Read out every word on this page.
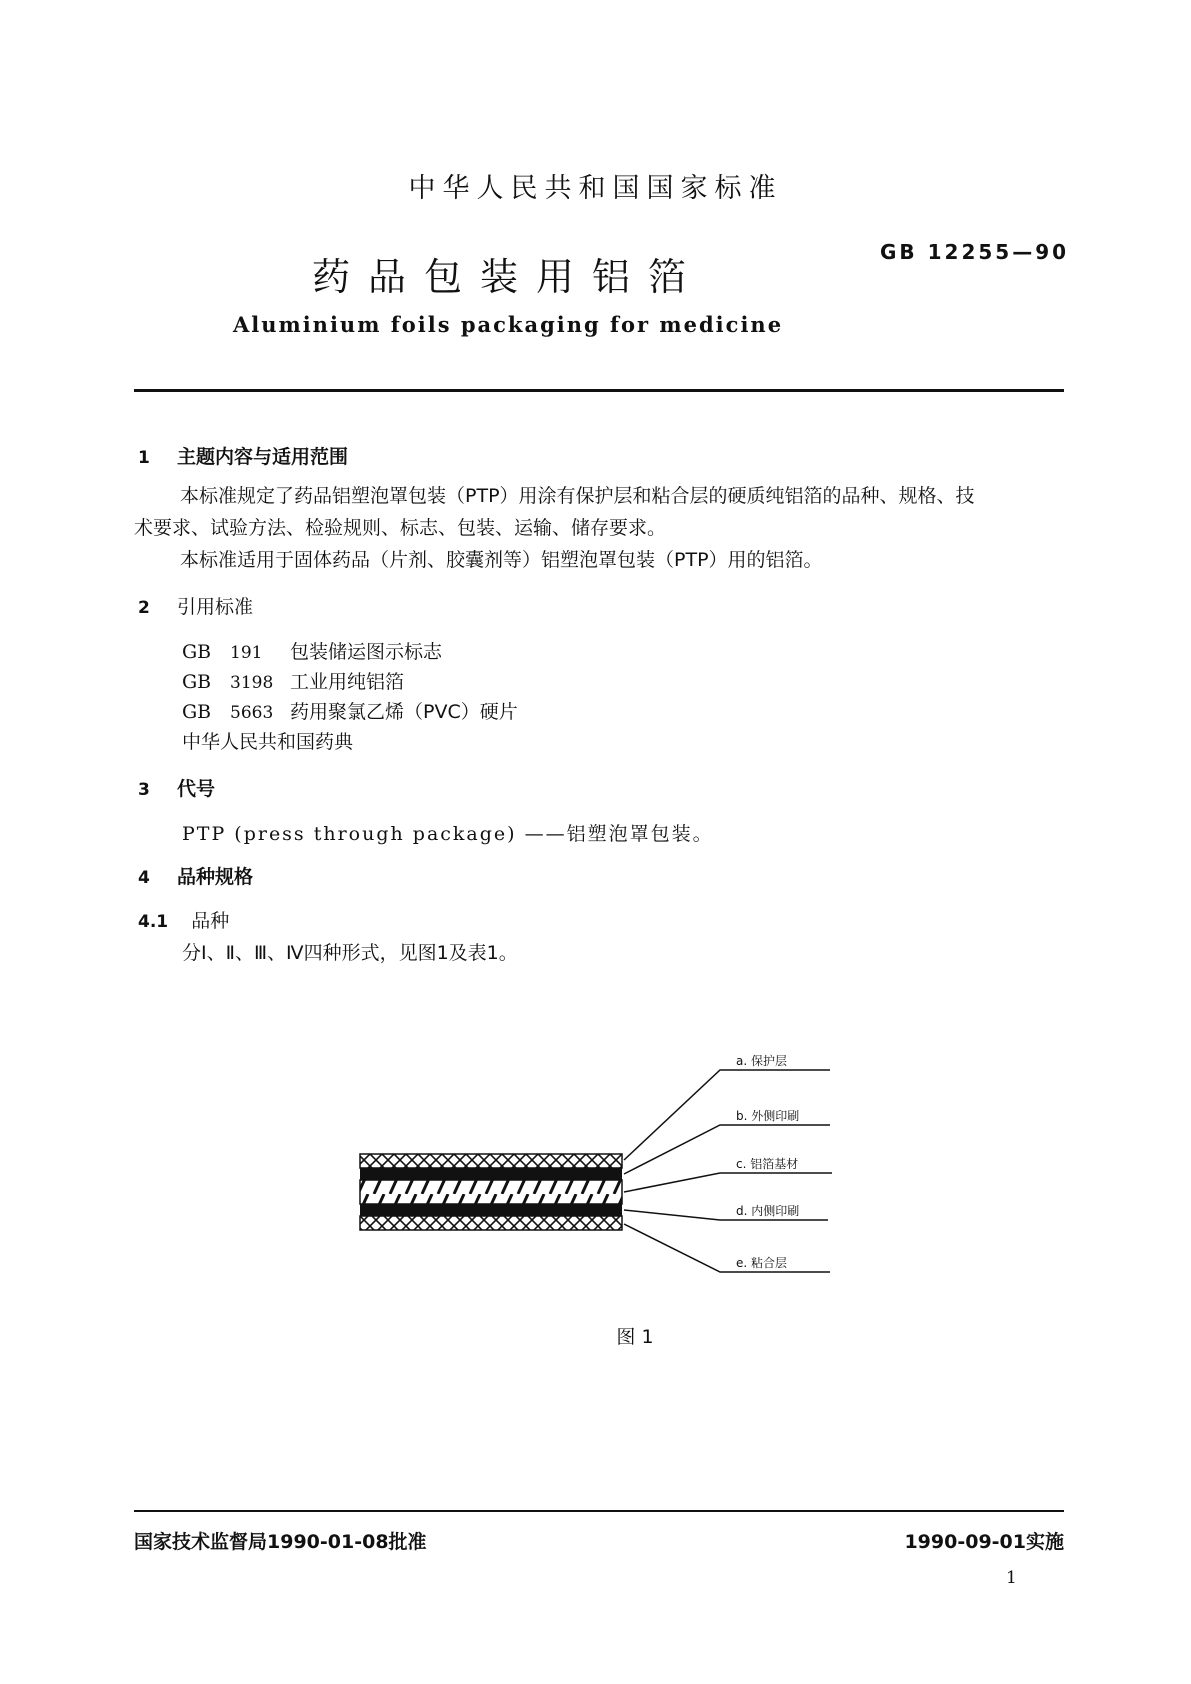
中华人民共和国国家标准
GB 12255—90
药品包装用铝箔
Aluminium foils packaging for medicine
1 主题内容与适用范围
本标准规定了药品铝塑泡罩包装（PTP）用涂有保护层和粘合层的硬质纯铝箔的品种、规格、技
术要求、试验方法、检验规则、标志、包装、运输、储存要求。
本标准适用于固体药品（片剂、胶囊剂等）铝塑泡罩包装（PTP）用的铝箔。
2 引用标准
GB 191 包装储运图示标志
GB 3198 工业用纯铝箔
GB 5663 药用聚氯乙烯（PVC）硬片
中华人民共和国药典
3 代号
PTP (press through package) ——铝塑泡罩包装。
4 品种规格
4.1 品种
分Ⅰ、Ⅱ、Ⅲ、Ⅳ四种形式，见图1及表1。
a. 保护层
b. 外侧印刷
c. 铝箔基材
d. 内侧印刷
e. 粘合层
图 1
国家技术监督局1990-01-08批准	1990-09-01实施
1
